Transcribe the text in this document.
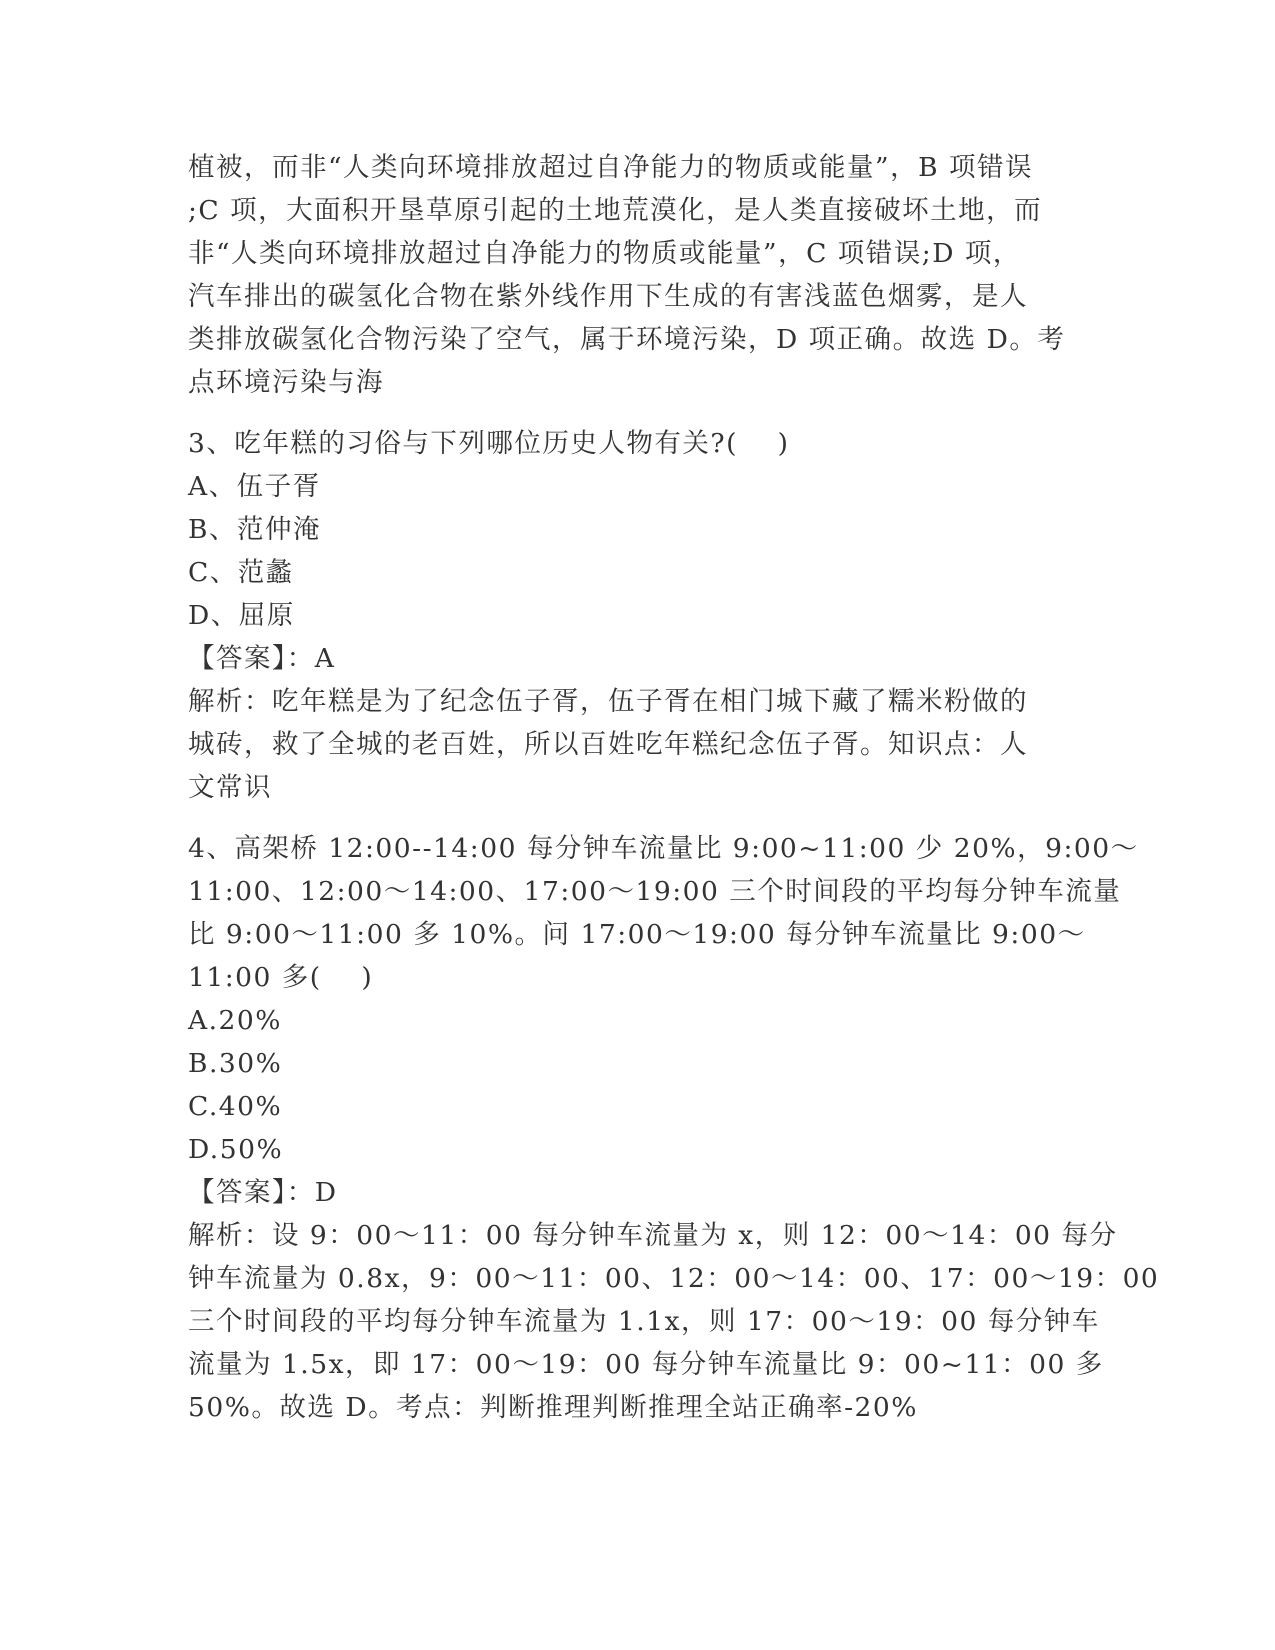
植被，而非“人类向环境排放超过自净能力的物质或能量”，B 项错误
;C 项，大面积开垦草原引起的土地荒漠化，是人类直接破坏土地，而
非“人类向环境排放超过自净能力的物质或能量”，C 项错误;D 项，
汽车排出的碳氢化合物在紫外线作用下生成的有害浅蓝色烟雾，是人
类排放碳氢化合物污染了空气，属于环境污染，D 项正确。故选 D。考
点环境污染与海
3、吃年糕的习俗与下列哪位历史人物有关?(    )
A、伍子胥
B、范仲淹
C、范蠡
D、屈原
【答案】：A
解析：吃年糕是为了纪念伍子胥，伍子胥在相门城下藏了糯米粉做的
城砖，救了全城的老百姓，所以百姓吃年糕纪念伍子胥。知识点：人
文常识
4、高架桥 12:00--14:00 每分钟车流量比 9:00~11:00 少 20%，9:00～
11:00、12:00～14:00、17:00～19:00 三个时间段的平均每分钟车流量
比 9:00～11:00 多 10%。问 17:00～19:00 每分钟车流量比 9:00～
11:00 多(    )
A.20%
B.30%
C.40%
D.50%
【答案】：D
解析：设 9：00～11：00 每分钟车流量为 x，则 12：00～14：00 每分
钟车流量为 0.8x，9：00～11：00、12：00～14：00、17：00～19：00
三个时间段的平均每分钟车流量为 1.1x，则 17：00～19：00 每分钟车
流量为 1.5x，即 17：00～19：00 每分钟车流量比 9：00~11：00 多
50%。故选 D。考点：判断推理判断推理全站正确率-20%
